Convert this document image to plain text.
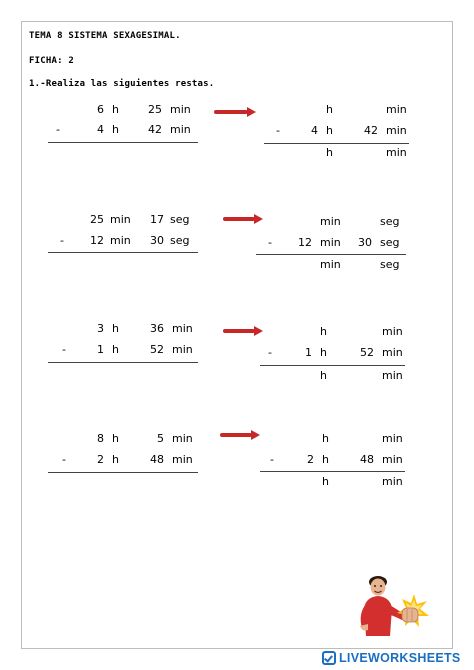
TEMA 8 SISTEMA SEXAGESIMAL.
FICHA: 2
1.-Realiza las siguientes restas.
6 h	25 min
-	4 h	42 min
h	min
-	4 h	42 min
h	min
25 min	17 seg
-	12 min	30 seg
min	seg
-	12 min	30 seg
min	seg
3 h	36 min
-	1 h	52 min
h	min
-	1 h	52 min
h	min
8 h	5 min
-	2 h	48 min
h	min
-	2 h	48 min
h	min
LIVEWORKSHEETS
